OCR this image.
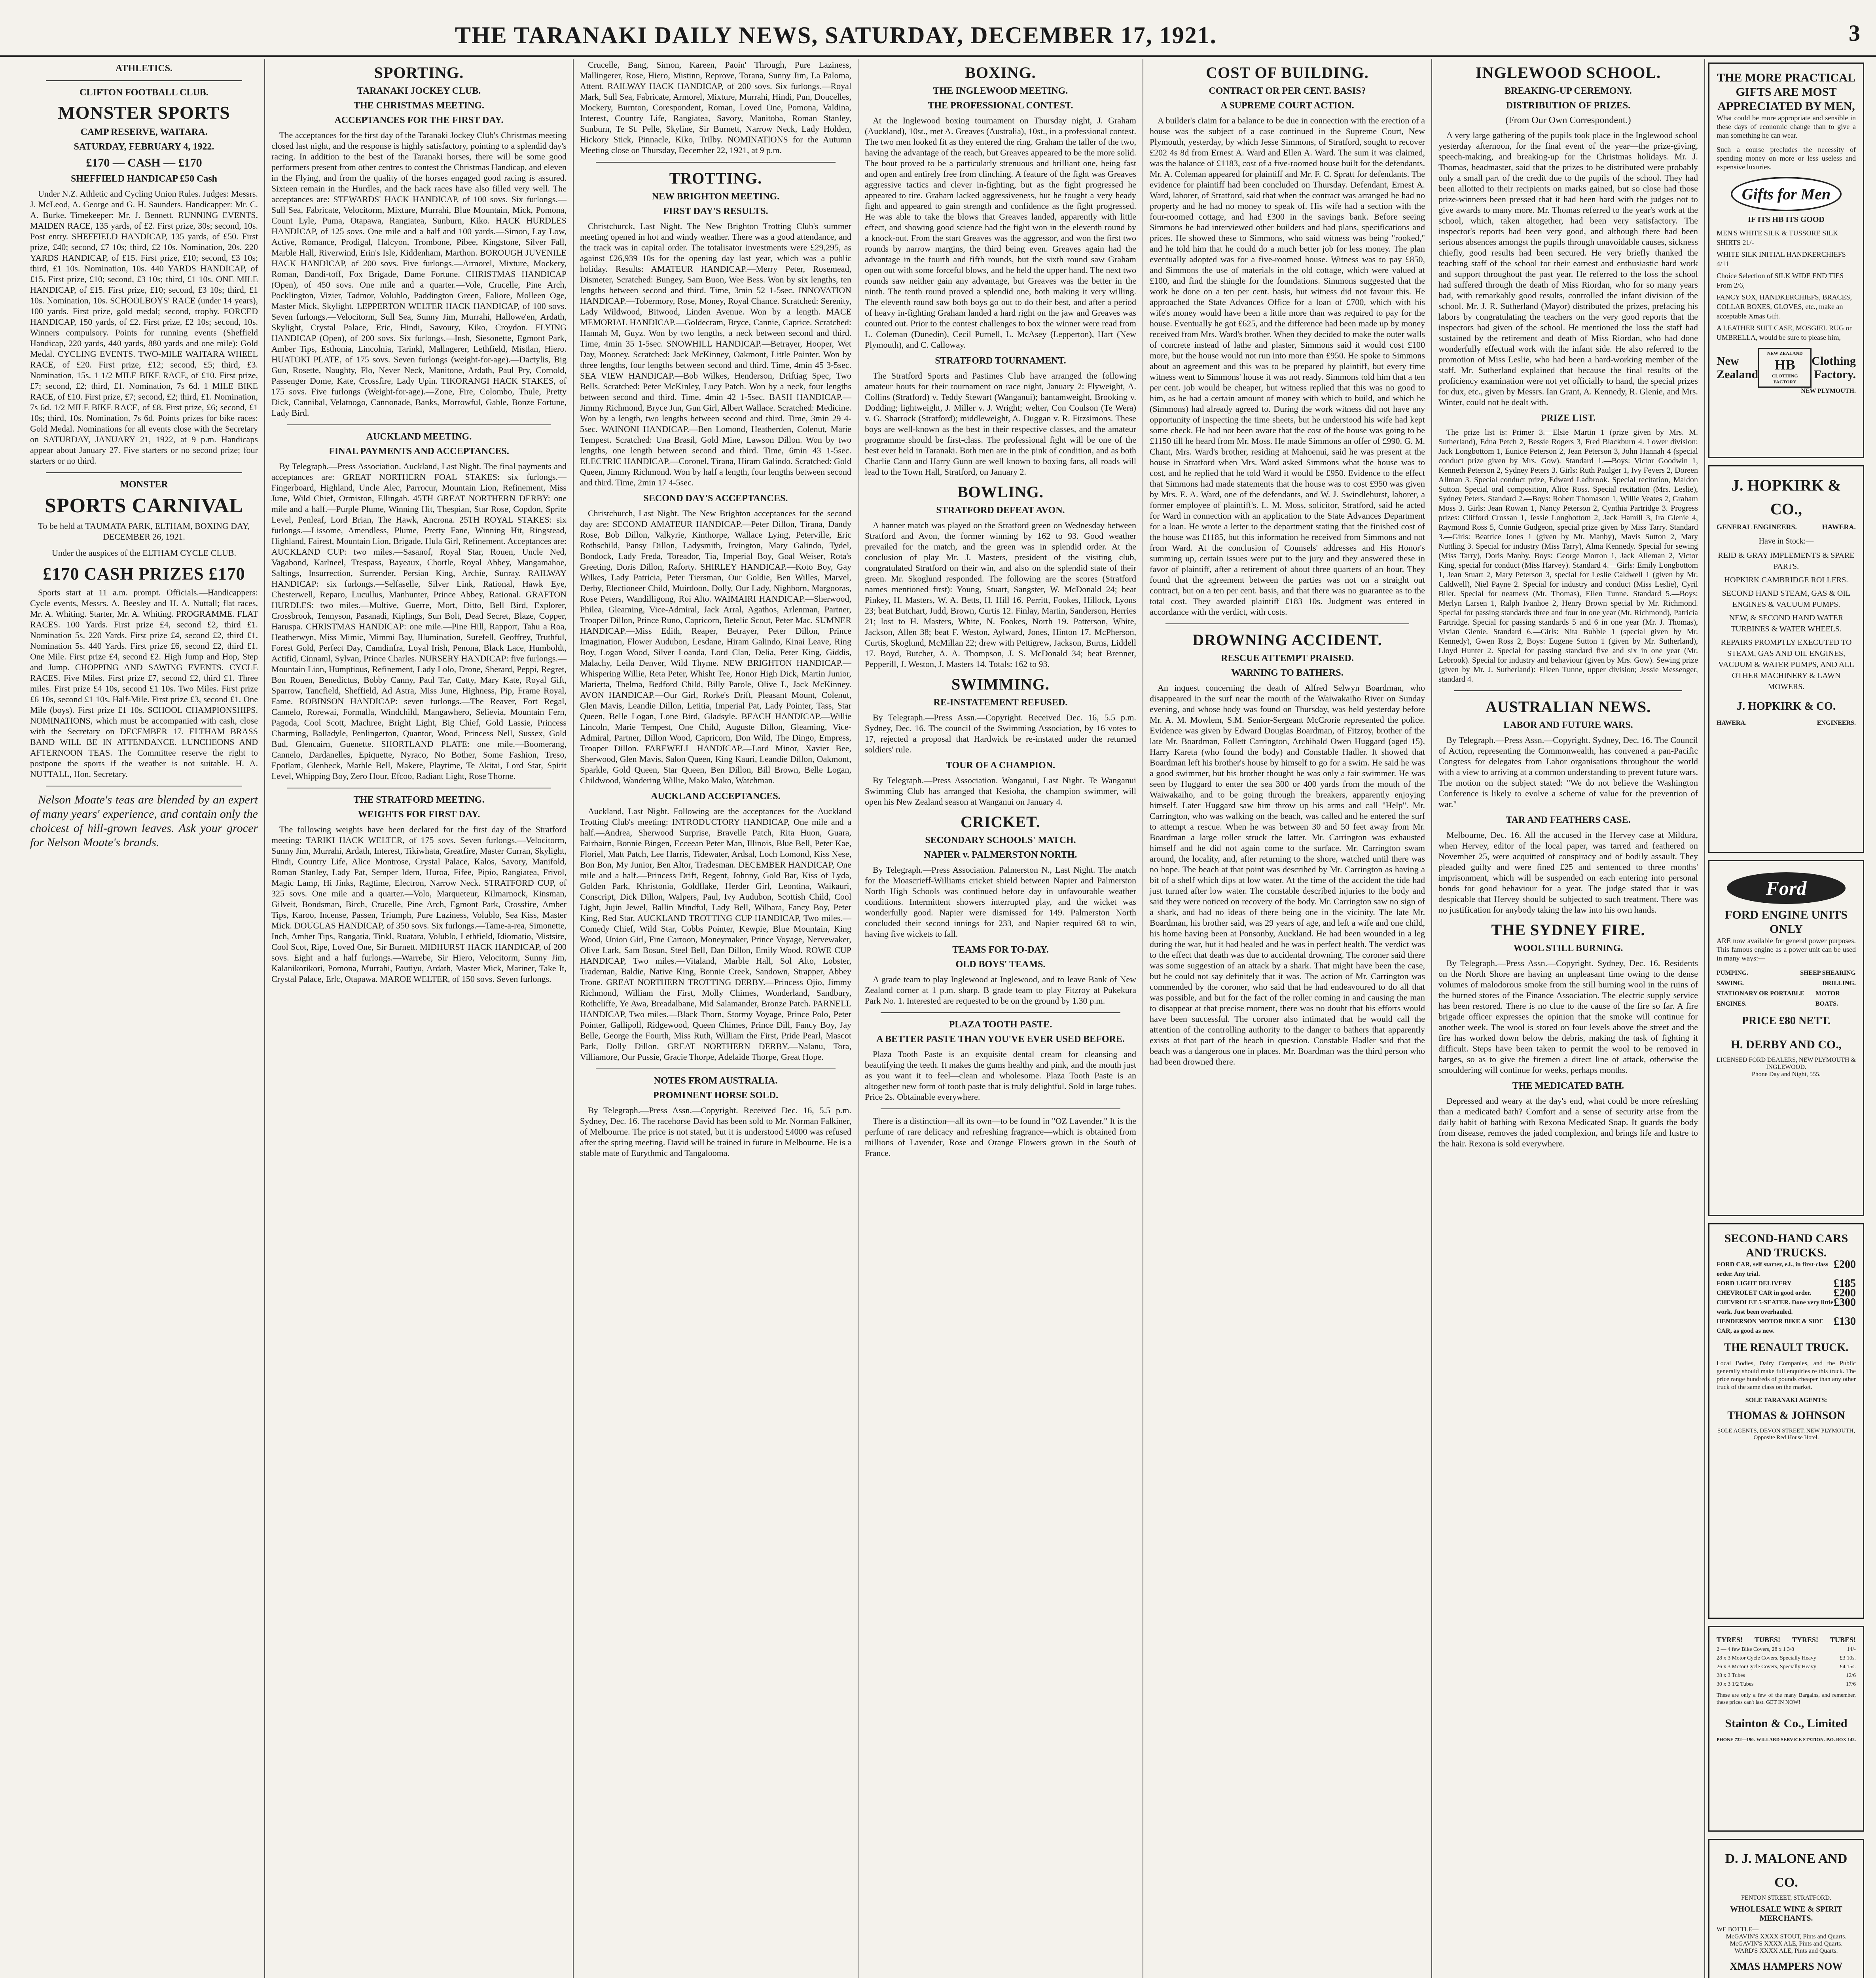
THE TARANAKI DAILY NEWS, SATURDAY, DECEMBER 17, 1921.	3
ATHLETICS.
CLIFTON FOOTBALL CLUB.
MONSTER SPORTS
CAMP RESERVE, WAITARA.
SATURDAY, FEBRUARY 4, 1922.
£170 — CASH — £170
SHEFFIELD HANDICAP £50 Cash

Under N.Z. Athletic and Cycling Union Rules. Judges: Messrs. J. McLeod, A. George and G. H. Saunders. Handicapper: Mr. C. A. Burke. Timekeeper: Mr. J. Bennett. RUNNING EVENTS. MAIDEN RACE, 135 yards, of £2. First prize, 30s; second, 10s. Post entry. SHEFFIELD HANDICAP, 135 yards, of £50. First prize, £40; second, £7 10s; third, £2 10s. Nomination, 20s. 220 YARDS HANDICAP, of £15. First prize, £10; second, £3 10s; third, £1 10s. Nomination, 10s. 440 YARDS HANDICAP, of £15. First prize, £10; second, £3 10s; third, £1 10s. ONE MILE HANDICAP, of £15. First prize, £10; second, £3 10s; third, £1 10s. Nomination, 10s. SCHOOLBOYS' RACE (under 14 years), 100 yards. First prize, gold medal; second, trophy. FORCED HANDICAP, 150 yards, of £2. First prize, £2 10s; second, 10s. Winners compulsory. Points for running events (Sheffield Handicap, 220 yards, 440 yards, 880 yards and one mile): Gold Medal. CYCLING EVENTS. TWO-MILE WAITARA WHEEL RACE, of £20. First prize, £12; second, £5; third, £3. Nomination, 15s. 1 1/2 MILE BIKE RACE, of £10. First prize, £7; second, £2; third, £1. Nomination, 7s 6d. 1 MILE BIKE RACE, of £10. First prize, £7; second, £2; third, £1. Nomination, 7s 6d. 1/2 MILE BIKE RACE, of £8. First prize, £6; second, £1 10s; third, 10s. Nomination, 7s 6d. Points prizes for bike races: Gold Medal. Nominations for all events close with the Secretary on SATURDAY, JANUARY 21, 1922, at 9 p.m. Handicaps appear about January 27. Five starters or no second prize; four starters or no third.

MONSTER
SPORTS CARNIVAL

To be held at TAUMATA PARK, ELTHAM, BOXING DAY, DECEMBER 26, 1921.

Under the auspices of the ELTHAM CYCLE CLUB.

£170 CASH PRIZES £170

Sports start at 11 a.m. prompt. Officials.—Handicappers: Cycle events, Messrs. A. Beesley and H. A. Nuttall; flat races, Mr. A. Whiting. Starter, Mr. A. Whiting. PROGRAMME. FLAT RACES. 100 Yards. First prize £4, second £2, third £1. Nomination 5s. 220 Yards. First prize £4, second £2, third £1. Nomination 5s. 440 Yards. First prize £6, second £2, third £1. One Mile. First prize £4, second £2. High Jump and Hop, Step and Jump. CHOPPING AND SAWING EVENTS. CYCLE RACES. Five Miles. First prize £7, second £2, third £1. Three miles. First prize £4 10s, second £1 10s. Two Miles. First prize £6 10s, second £1 10s. Half-Mile. First prize £3, second £1. One Mile (boys). First prize £1 10s. SCHOOL CHAMPIONSHIPS. NOMINATIONS, which must be accompanied with cash, close with the Secretary on DECEMBER 17. ELTHAM BRASS BAND WILL BE IN ATTENDANCE. LUNCHEONS AND AFTERNOON TEAS. The Committee reserve the right to postpone the sports if the weather is not suitable. H. A. NUTTALL, Hon. Secretary.

Nelson Moate's teas are blended by an expert of many years' experience, and contain only the choicest of hill-grown leaves. Ask your grocer for Nelson Moate's brands.

SPORTING.
TARANAKI JOCKEY CLUB.
THE CHRISTMAS MEETING.
ACCEPTANCES FOR THE FIRST DAY.

The acceptances for the first day of the Taranaki Jockey Club's Christmas meeting closed last night, and the response is highly satisfactory, pointing to a splendid day's racing. In addition to the best of the Taranaki horses, there will be some good performers present from other centres to contest the Christmas Handicap, and eleven in the Flying, and from the quality of the horses engaged good racing is assured. Sixteen remain in the Hurdles, and the hack races have also filled very well. The acceptances are: STEWARDS' HACK HANDICAP, of 100 sovs. Six furlongs.—Sull Sea, Fabricate, Velocitorm, Mixture, Murrahi, Blue Mountain, Mick, Pomona, Count Lyle, Puma, Otapawa, Rangiatea, Sunburn, Kiko. HACK HURDLES HANDICAP, of 125 sovs. One mile and a half and 100 yards.—Simon, Lay Low, Active, Romance, Prodigal, Halcyon, Trombone, Pibee, Kingstone, Silver Fall, Marble Hall, Riverwind, Erin's Isle, Kiddenham, Marthon. BOROUGH JUVENILE HACK HANDICAP, of 200 sovs. Five furlongs.—Armorel, Mixture, Mockery, Roman, Dandi-toff, Fox Brigade, Dame Fortune. CHRISTMAS HANDICAP (Open), of 450 sovs. One mile and a quarter.—Vole, Crucelle, Pine Arch, Pocklington, Vizier, Tadmor, Volublo, Paddington Green, Faliore, Molleen Oge, Master Mick, Skylight. LEPPERTON WELTER HACK HANDICAP, of 100 sovs. Seven furlongs.—Velocitorm, Sull Sea, Sunny Jim, Murrahi, Hallowe'en, Ardath, Skylight, Crystal Palace, Eric, Hindi, Savoury, Kiko, Croydon. FLYING HANDICAP (Open), of 200 sovs. Six furlongs.—Insh, Siesonette, Egmont Park, Amber Tips, Esthonia, Lincolnia, Tarinkl, Mallngerer, Lethfield, Mistlan, Hiero. HUATOKI PLATE, of 175 sovs. Seven furlongs (weight-for-age).—Dactylis, Big Gun, Rosette, Naughty, Flo, Never Neck, Manitone, Ardath, Paul Pry, Cornold, Passenger Dome, Kate, Crossfire, Lady Upin. TIKORANGI HACK STAKES, of 175 sovs. Five furlongs (Weight-for-age).—Zone, Fire, Colombo, Thule, Pretty Dick, Cannibal, Velatnogo, Cannonade, Banks, Morrowful, Gable, Bonze Fortune, Lady Bird.

AUCKLAND MEETING.
FINAL PAYMENTS AND ACCEPTANCES.

By Telegraph.—Press Association. Auckland, Last Night. The final payments and acceptances are: GREAT NORTHERN FOAL STAKES: six furlongs.—Fingerboard, Highland, Uncle Alec, Parrocur, Mountain Lion, Refinement, Miss June, Wild Chief, Ormiston, Ellingah. 45TH GREAT NORTHERN DERBY: one mile and a half.—Purple Plume, Winning Hit, Thespian, Star Rose, Copdon, Sprite Level, Penleaf, Lord Brian, The Hawk, Ancrona. 25TH ROYAL STAKES: six furlongs.—Lissome, Amendless, Plume, Pretty Fane, Winning Hit, Ringstead, Highland, Fairest, Mountain Lion, Brigade, Hula Girl, Refinement. Acceptances are: AUCKLAND CUP: two miles.—Sasanof, Royal Star, Rouen, Uncle Ned, Vagabond, Karlneel, Trespass, Bayeaux, Chortle, Royal Abbey, Mangamahoe, Saltings, Insurrection, Surrender, Persian King, Archie, Sunray. RAILWAY HANDICAP: six furlongs.—Selfaselle, Silver Link, Rational, Hawk Eye, Chesterwell, Reparo, Lucullus, Manhunter, Prince Abbey, Rational. GRAFTON HURDLES: two miles.—Multive, Guerre, Mort, Ditto, Bell Bird, Explorer, Crossbrook, Tennyson, Pasanadi, Kiplings, Sun Bolt, Dead Secret, Blaze, Copper, Haruspa. CHRISTMAS HANDICAP: one mile.—Pine Hill, Rapport, Tahu a Roa, Heatherwyn, Miss Mimic, Mimmi Bay, Illumination, Surefell, Geoffrey, Truthful, Forest Gold, Perfect Day, Camdinfra, Loyal Irish, Penona, Black Lace, Humboldt, Actifid, Cinnaml, Sylvan, Prince Charles. NURSERY HANDICAP: five furlongs.—Mountain Lion, Humptious, Refinement, Lady Lolo, Drone, Sherard, Peppi, Regret, Bon Rouen, Benedictus, Bobby Canny, Paul Tar, Catty, Mary Kate, Royal Gift, Sparrow, Tancfield, Sheffield, Ad Astra, Miss June, Highness, Pip, Frame Royal, Fame. ROBINSON HANDICAP: seven furlongs.—The Reaver, Fort Regal, Cannelo, Rorewai, Formalla, Windchild, Mangawhero, Selievia, Mountain Fern, Pagoda, Cool Scott, Machree, Bright Light, Big Chief, Gold Lassie, Princess Charming, Balladyle, Penlingerton, Quantor, Wood, Princess Nell, Sussex, Gold Bud, Glencairn, Guenette. SHORTLAND PLATE: one mile.—Boomerang, Cannelo, Dardanelles, Epiquette, Nyraco, No Bother, Some Fashion, Treso, Epotlam, Glenbeck, Marble Bell, Makere, Playtime, Te Akitai, Lord Star, Spirit Level, Whipping Boy, Zero Hour, Efcoo, Radiant Light, Rose Thorne.

THE STRATFORD MEETING.
WEIGHTS FOR FIRST DAY.

The following weights have been declared for the first day of the Stratford meeting: TARIKI HACK WELTER, of 175 sovs. Seven furlongs.—Velocitorm, Sunny Jim, Murrahi, Ardath, Interest, Tikiwhata, Greatfire, Master Curran, Skylight, Hindi, Country Life, Alice Montrose, Crystal Palace, Kalos, Savory, Manifold, Roman Stanley, Lady Pat, Semper Idem, Huroa, Fifee, Pipio, Rangiatea, Frivol, Magic Lamp, Hi Jinks, Ragtime, Electron, Narrow Neck. STRATFORD CUP, of 325 sovs. One mile and a quarter.—Volo, Marqueteur, Kilmarnock, Kinsman, Gilveit, Bondsman, Birch, Crucelle, Pine Arch, Egmont Park, Crossfire, Amber Tips, Karoo, Incense, Passen, Triumph, Pure Laziness, Volublo, Sea Kiss, Master Mick. DOUGLAS HANDICAP, of 350 sovs. Six furlongs.—Tame-a-rea, Simonette, Inch, Amber Tips, Rangatia, Tinkl, Ruatara, Volublo, Lethfield, Idiomatio, Mistsire, Cool Scot, Ripe, Loved One, Sir Burnett. MIDHURST HACK HANDICAP, of 200 sovs. Eight and a half furlongs.—Warrebe, Sir Hiero, Velocitorm, Sunny Jim, Kalanikorikori, Pomona, Murrahi, Pautiyu, Ardath, Master Mick, Mariner, Take It, Crystal Palace, Erlc, Otapawa. MAROE WELTER, of 150 sovs. Seven furlongs.

Crucelle, Bang, Simon, Kareen, Paoin' Through, Pure Laziness, Mallingerer, Rose, Hiero, Mistinn, Reprove, Torana, Sunny Jim, La Paloma, Attent. RAILWAY HACK HANDICAP, of 200 sovs. Six furlongs.—Royal Mark, Sull Sea, Fabricate, Armorel, Mixture, Murrahi, Hindi, Pun, Doucelles, Mockery, Burnton, Corespondent, Roman, Loved One, Pomona, Valdina, Interest, Country Life, Rangiatea, Savory, Manitoba, Roman Stanley, Sunburn, Te St. Pelle, Skyline, Sir Burnett, Narrow Neck, Lady Holden, Hickory Stick, Pinnacle, Kiko, Trilby. NOMINATIONS for the Autumn Meeting close on Thursday, December 22, 1921, at 9 p.m.

TROTTING.
NEW BRIGHTON MEETING.
FIRST DAY'S RESULTS.

Christchurck, Last Night. The New Brighton Trotting Club's summer meeting opened in hot and windy weather. There was a good attendance, and the track was in capital order. The totalisator investments were £29,295, as against £26,939 10s for the opening day last year, which was a public holiday. Results: AMATEUR HANDICAP.—Merry Peter, Rosemead, Dismeter, Scratched: Bungey, Sam Buon, Wee Bess. Won by six lengths, ten lengths between second and third. Time, 3min 52 1-5sec. INNOVATION HANDICAP.—Tobermory, Rose, Money, Royal Chance. Scratched: Serenity, Lady Wildwood, Bitwood, Linden Avenue. Won by a length. MACE MEMORIAL HANDICAP.—Goldecram, Bryce, Cannie, Caprice. Scratched: Hannah M, Guyz. Won by two lengths, a neck between second and third. Time, 4min 35 1-5sec. SNOWHILL HANDICAP.—Betrayer, Hooper, Wet Day, Mooney. Scratched: Jack McKinney, Oakmont, Little Pointer. Won by three lengths, four lengths between second and third. Time, 4min 45 3-5sec. SEA VIEW HANDICAP.—Bob Wilkes, Henderson, Driftiag Spec, Two Bells. Scratched: Peter McKinley, Lucy Patch. Won by a neck, four lengths between second and third. Time, 4min 42 1-5sec. BASH HANDICAP.—Jimmy Richmond, Bryce Jun, Gun Girl, Albert Wallace. Scratched: Medicine. Won by a length, two lengths between second and third. Time, 3min 29 4-5sec. WAINONI HANDICAP.—Ben Lomond, Heatherden, Colenut, Marie Tempest. Scratched: Una Brasil, Gold Mine, Lawson Dillon. Won by two lengths, one length between second and third. Time, 6min 43 1-5sec. ELECTRIC HANDICAP.—Coronel, Tirana, Hiram Galindo. Scratched: Gold Queen, Jimmy Richmond. Won by half a length, four lengths between second and third. Time, 2min 17 4-5sec.

SECOND DAY'S ACCEPTANCES.

Christchurch, Last Night. The New Brighton acceptances for the second day are: SECOND AMATEUR HANDICAP.—Peter Dillon, Tirana, Dandy Rose, Bob Dillon, Valkyrie, Kinthorpe, Wallace Lying, Peterville, Eric Rothschild, Pansy Dillon, Ladysmith, Irvington, Mary Galindo, Tydel, Bondock, Lady Freda, Toreador, Tia, Imperial Boy, Goal Weiser, Rota's Greeting, Doris Dillon, Raforty. SHIRLEY HANDICAP.—Koto Boy, Gay Wilkes, Lady Patricia, Peter Tiersman, Our Goldie, Ben Willes, Marvel, Derby, Electioneer Child, Muirdoon, Dolly, Our Lady, Nighborn, Margooras, Rose Peters, Wandilligong, Roi Alto. WAIMAIRI HANDICAP.—Sherwood, Philea, Gleaming, Vice-Admiral, Jack Arral, Agathos, Arlenman, Partner, Trooper Dillon, Prince Runo, Capricorn, Betelic Scout, Peter Mac. SUMNER HANDICAP.—Miss Edith, Reaper, Betrayer, Peter Dillon, Prince Imagination, Flower Audubon, Lesdane, Hiram Galindo, Kinai Leave, Ring Boy, Logan Wood, Silver Loanda, Lord Clan, Delia, Peter King, Giddis, Malachy, Leila Denver, Wild Thyme. NEW BRIGHTON HANDICAP.—Whispering Willie, Reta Peter, Whisht Tee, Honor High Dick, Martin Junior, Marietta, Thelma, Bedford Child, Billy Parole, Olive L, Jack McKinney. AVON HANDICAP.—Our Girl, Rorke's Drift, Pleasant Mount, Colenut, Glen Mavis, Leandie Dillon, Letitia, Imperial Pat, Lady Pointer, Tass, Star Queen, Belle Logan, Lone Bird, Gladsyle. BEACH HANDICAP.—Willie Lincoln, Marie Tempest, One Child, Auguste Dillon, Gleaming, Vice-Admiral, Partner, Dillon Wood, Capricorn, Don Wild, The Dingo, Empress, Trooper Dillon. FAREWELL HANDICAP.—Lord Minor, Xavier Bee, Sherwood, Glen Mavis, Salon Queen, King Kauri, Leandie Dillon, Oakmont, Sparkle, Gold Queen, Star Queen, Ben Dillon, Bill Brown, Belle Logan, Childwood, Wandering Willie, Mako Mako, Watchman.

AUCKLAND ACCEPTANCES.

Auckland, Last Night. Following are the acceptances for the Auckland Trotting Club's meeting: INTRODUCTORY HANDICAP, One mile and a half.—Andrea, Sherwood Surprise, Bravelle Patch, Rita Huon, Guara, Fairbairn, Bonnie Bingen, Ecceean Peter Man, Illinois, Blue Bell, Peter Kae, Floriel, Matt Patch, Lee Harris, Tidewater, Ardsal, Loch Lomond, Kiss Nese, Bon Bon, My Junior, Ben Altor, Tradesman. DECEMBER HANDICAP, One mile and a half.—Princess Drift, Regent, Johnny, Gold Bar, Kiss of Lyda, Golden Park, Khristonia, Goldflake, Herder Girl, Leontina, Waikauri, Conscript, Dick Dillon, Walpers, Paul, Ivy Audubon, Scottish Child, Cool Light, Jujin Jewel, Ballin Mindful, Lady Bell, Wilbara, Fancy Boy, Peter King, Red Star. AUCKLAND TROTTING CUP HANDICAP, Two miles.—Comedy Chief, Wild Star, Cobbs Pointer, Kewpie, Blue Mountain, King Wood, Union Girl, Fine Cartoon, Moneymaker, Prince Voyage, Nervewaker, Olive Lark, Sam Bosun, Steel Bell, Dan Dillon, Emily Wood. ROWE CUP HANDICAP, Two miles.—Vitaland, Marble Hall, Sol Alto, Lobster, Trademan, Baldie, Native King, Bonnie Creek, Sandown, Strapper, Abbey Trone. GREAT NORTHERN TROTTING DERBY.—Princess Ojio, Jimmy Richmond, William the First, Molly Chimes, Wonderland, Sandbury, Rothcliffe, Ye Awa, Breadalbane, Mid Salamander, Bronze Patch. PARNELL HANDICAP, Two miles.—Black Thorn, Stormy Voyage, Prince Polo, Peter Pointer, Gallipoll, Ridgewood, Queen Chimes, Prince Dill, Fancy Boy, Jay Belle, George the Fourth, Miss Ruth, William the First, Pride Pearl, Mascot Park, Dolly Dillon. GREAT NORTHERN DERBY.—Nalanu, Tora, Villiamore, Our Pussie, Gracie Thorpe, Adelaide Thorpe, Great Hope.

NOTES FROM AUSTRALIA.
PROMINENT HORSE SOLD.

By Telegraph.—Press Assn.—Copyright. Received Dec. 16, 5.5 p.m. Sydney, Dec. 16. The racehorse David has been sold to Mr. Norman Falkiner, of Melbourne. The price is not stated, but it is understood £4000 was refused after the spring meeting. David will be trained in future in Melbourne. He is a stable mate of Eurythmic and Tangalooma.

BOXING.
THE INGLEWOOD MEETING.
THE PROFESSIONAL CONTEST.

At the Inglewood boxing tournament on Thursday night, J. Graham (Auckland), 10st., met A. Greaves (Australia), 10st., in a professional contest. The two men looked fit as they entered the ring. Graham the taller of the two, having the advantage of the reach, but Greaves appeared to be the more solid. The bout proved to be a particularly strenuous and brilliant one, being fast and open and entirely free from clinching. A feature of the fight was Greaves aggressive tactics and clever in-fighting, but as the fight progressed he appeared to tire. Graham lacked aggressiveness, but he fought a very heady fight and appeared to gain strength and confidence as the fight progressed. He was able to take the blows that Greaves landed, apparently with little effect, and showing good science had the fight won in the eleventh round by a knock-out. From the start Greaves was the aggressor, and won the first two rounds by narrow margins, the third being even. Greaves again had the advantage in the fourth and fifth rounds, but the sixth round saw Graham open out with some forceful blows, and he held the upper hand. The next two rounds saw neither gain any advantage, but Greaves was the better in the ninth. The tenth round proved a splendid one, both making it very willing. The eleventh round saw both boys go out to do their best, and after a period of heavy in-fighting Graham landed a hard right on the jaw and Greaves was counted out. Prior to the contest challenges to box the winner were read from L. Coleman (Dunedin), Cecil Purnell, L. McAsey (Lepperton), Hart (New Plymouth), and C. Calloway.

STRATFORD TOURNAMENT.

The Stratford Sports and Pastimes Club have arranged the following amateur bouts for their tournament on race night, January 2: Flyweight, A. Collins (Stratford) v. Teddy Stewart (Wanganui); bantamweight, Brooking v. Dodding; lightweight, J. Miller v. J. Wright; welter, Con Coulson (Te Wera) v. G. Sharrock (Stratford); middleweight, A. Duggan v. R. Fitzsimons. These boys are well-known as the best in their respective classes, and the amateur programme should be first-class. The professional fight will be one of the best ever held in Taranaki. Both men are in the pink of condition, and as both Charlie Cann and Harry Gunn are well known to boxing fans, all roads will lead to the Town Hall, Stratford, on January 2.

BOWLING.
STRATFORD DEFEAT AVON.

A banner match was played on the Stratford green on Wednesday between Stratford and Avon, the former winning by 162 to 93. Good weather prevailed for the match, and the green was in splendid order. At the conclusion of play Mr. J. Masters, president of the visiting club, congratulated Stratford on their win, and also on the splendid state of their green. Mr. Skoglund responded. The following are the scores (Stratford names mentioned first): Young, Stuart, Sangster, W. McDonald 24; beat Pinkey, H. Masters, W. A. Betts, H. Hill 16. Perritt, Fookes, Hillock, Lyons 23; beat Butchart, Judd, Brown, Curtis 12. Finlay, Martin, Sanderson, Herries 21; lost to H. Masters, White, N. Fookes, North 19. Patterson, White, Jackson, Allen 38; beat F. Weston, Aylward, Jones, Hinton 17. McPherson, Curtis, Skoglund, McMillan 22; drew with Pettigrew, Jackson, Burns, Liddell 17. Boyd, Butcher, A. A. Thompson, J. S. McDonald 34; beat Brenner, Pepperill, J. Weston, J. Masters 14. Totals: 162 to 93.

SWIMMING.
RE-INSTATEMENT REFUSED.

By Telegraph.—Press Assn.—Copyright. Received Dec. 16, 5.5 p.m. Sydney, Dec. 16. The council of the Swimming Association, by 16 votes to 17, rejected a proposal that Hardwick be re-instated under the returned soldiers' rule.

TOUR OF A CHAMPION.

By Telegraph.—Press Association. Wanganui, Last Night. Te Wanganui Swimming Club has arranged that Kesioha, the champion swimmer, will open his New Zealand season at Wanganui on January 4.

CRICKET.
SECONDARY SCHOOLS' MATCH.
NAPIER v. PALMERSTON NORTH.

By Telegraph.—Press Association. Palmerston N., Last Night. The match for the Moascrieff-Williams cricket shield between Napier and Palmerston North High Schools was continued before day in unfavourable weather conditions. Intermittent showers interrupted play, and the wicket was wonderfully good. Napier were dismissed for 149. Palmerston North concluded their second innings for 233, and Napier required 68 to win, having five wickets to fall.

TEAMS FOR TO-DAY.
OLD BOYS' TEAMS.

A grade team to play Inglewood at Inglewood, and to leave Bank of New Zealand corner at 1 p.m. sharp. B grade team to play Fitzroy at Pukekura Park No. 1. Interested are requested to be on the ground by 1.30 p.m.

PLAZA TOOTH PASTE.
A BETTER PASTE THAN YOU'VE EVER USED BEFORE.

Plaza Tooth Paste is an exquisite dental cream for cleansing and beautifying the teeth. It makes the gums healthy and pink, and the mouth just as you want it to feel—clean and wholesome. Plaza Tooth Paste is an altogether new form of tooth paste that is truly delightful. Sold in large tubes. Price 2s. Obtainable everywhere.

There is a distinction—all its own—to be found in "OZ Lavender." It is the perfume of rare delicacy and refreshing fragrance—which is obtained from millions of Lavender, Rose and Orange Flowers grown in the South of France.

COST OF BUILDING.
CONTRACT OR PER CENT. BASIS?
A SUPREME COURT ACTION.

A builder's claim for a balance to be due in connection with the erection of a house was the subject of a case continued in the Supreme Court, New Plymouth, yesterday, by which Jesse Simmons, of Stratford, sought to recover £202 4s 8d from Ernest A. Ward and Ellen A. Ward. The sum it was claimed, was the balance of £1183, cost of a five-roomed house built for the defendants. Mr. A. Coleman appeared for plaintiff and Mr. F. C. Spratt for defendants. The evidence for plaintiff had been concluded on Thursday. Defendant, Ernest A. Ward, laborer, of Stratford, said that when the contract was arranged he had no property and he had no money to speak of. His wife had a section with the four-roomed cottage, and had £300 in the savings bank. Before seeing Simmons he had interviewed other builders and had plans, specifications and prices. He showed these to Simmons, who said witness was being "rooked," and he told him that he could do a much better job for less money. The plan eventually adopted was for a five-roomed house. Witness was to pay £850, and Simmons the use of materials in the old cottage, which were valued at £100, and find the shingle for the foundations. Simmons suggested that the work be done on a ten per cent. basis, but witness did not favour this. He approached the State Advances Office for a loan of £700, which with his wife's money would have been a little more than was required to pay for the house. Eventually he got £625, and the difference had been made up by money received from Mrs. Ward's brother. When they decided to make the outer walls of concrete instead of lathe and plaster, Simmons said it would cost £100 more, but the house would not run into more than £950. He spoke to Simmons about an agreement and this was to be prepared by plaintiff, but every time witness went to Simmons' house it was not ready. Simmons told him that a ten per cent. job would be cheaper, but witness replied that this was no good to him, as he had a certain amount of money with which to build, and which he (Simmons) had already agreed to. During the work witness did not have any opportunity of inspecting the time sheets, but he understood his wife had kept some check. He had not been aware that the cost of the house was going to be £1150 till he heard from Mr. Moss. He made Simmons an offer of £990. G. M. Chant, Mrs. Ward's brother, residing at Mahoenui, said he was present at the house in Stratford when Mrs. Ward asked Simmons what the house was to cost, and he replied that he told Ward it would be £950. Evidence to the effect that Simmons had made statements that the house was to cost £950 was given by Mrs. E. A. Ward, one of the defendants, and W. J. Swindlehurst, laborer, a former employee of plaintiff's. L. M. Moss, solicitor, Stratford, said he acted for Ward in connection with an application to the State Advances Department for a loan. He wrote a letter to the department stating that the finished cost of the house was £1185, but this information he received from Simmons and not from Ward. At the conclusion of Counsels' addresses and His Honor's summing up, certain issues were put to the jury and they answered these in favor of plaintiff, after a retirement of about three quarters of an hour. They found that the agreement between the parties was not on a straight out contract, but on a ten per cent. basis, and that there was no guarantee as to the total cost. They awarded plaintiff £183 10s. Judgment was entered in accordance with the verdict, with costs.

DROWNING ACCIDENT.
RESCUE ATTEMPT PRAISED.
WARNING TO BATHERS.

An inquest concerning the death of Alfred Selwyn Boardman, who disappeared in the surf near the mouth of the Waiwakaiho River on Sunday evening, and whose body was found on Thursday, was held yesterday before Mr. A. M. Mowlem, S.M. Senior-Sergeant McCrorie represented the police. Evidence was given by Edward Douglas Boardman, of Fitzroy, brother of the late Mr. Boardman, Follett Carrington, Archibald Owen Huggard (aged 15), Harry Kareta (who found the body) and Constable Hadler. It showed that Boardman left his brother's house by himself to go for a swim. He said he was a good swimmer, but his brother thought he was only a fair swimmer. He was seen by Huggard to enter the sea 300 or 400 yards from the mouth of the Waiwakaiho, and to be going through the breakers, apparently enjoying himself. Later Huggard saw him throw up his arms and call "Help". Mr. Carrington, who was walking on the beach, was called and he entered the surf to attempt a rescue. When he was between 30 and 50 feet away from Mr. Boardman a large roller struck the latter. Mr. Carrington was exhausted himself and he did not again come to the surface. Mr. Carrington swam around, the locality, and, after returning to the shore, watched until there was no hope. The beach at that point was described by Mr. Carrington as having a bit of a shelf which dips at low water. At the time of the accident the tide had just turned after low water. The constable described injuries to the body and said they were noticed on recovery of the body. Mr. Carrington saw no sign of a shark, and had no ideas of there being one in the vicinity. The late Mr. Boardman, his brother said, was 29 years of age, and left a wife and one child, his home having been at Ponsonby, Auckland. He had been wounded in a leg during the war, but it had healed and he was in perfect health. The verdict was to the effect that death was due to accidental drowning. The coroner said there was some suggestion of an attack by a shark. That might have been the case, but he could not say definitely that it was. The action of Mr. Carrington was commended by the coroner, who said that he had endeavoured to do all that was possible, and but for the fact of the roller coming in and causing the man to disappear at that precise moment, there was no doubt that his efforts would have been successful. The coroner also intimated that he would call the attention of the controlling authority to the danger to bathers that apparently exists at that part of the beach in question. Constable Hadler said that the beach was a dangerous one in places. Mr. Boardman was the third person who had been drowned there.

INGLEWOOD SCHOOL.
BREAKING-UP CEREMONY.
DISTRIBUTION OF PRIZES.
(From Our Own Correspondent.)

A very large gathering of the pupils took place in the Inglewood school yesterday afternoon, for the final event of the year—the prize-giving, speech-making, and breaking-up for the Christmas holidays. Mr. J. Thomas, headmaster, said that the prizes to be distributed were probably only a small part of the credit due to the pupils of the school. They had been allotted to their recipients on marks gained, but so close had those prize-winners been pressed that it had been hard with the judges not to give awards to many more. Mr. Thomas referred to the year's work at the school, which, taken altogether, had been very satisfactory. The inspector's reports had been very good, and although there had been serious absences amongst the pupils through unavoidable causes, sickness chiefly, good results had been secured. He very briefly thanked the teaching staff of the school for their earnest and enthusiastic hard work and support throughout the past year. He referred to the loss the school had suffered through the death of Miss Riordan, who for so many years had, with remarkably good results, controlled the infant division of the school. Mr. J. R. Sutherland (Mayor) distributed the prizes, prefacing his labors by congratulating the teachers on the very good reports that the inspectors had given of the school. He mentioned the loss the staff had sustained by the retirement and death of Miss Riordan, who had done wonderfully effectual work with the infant side. He also referred to the promotion of Miss Leslie, who had been a hard-working member of the staff. Mr. Sutherland explained that because the final results of the proficiency examination were not yet officially to hand, the special prizes for dux, etc., given by Messrs. Ian Grant, A. Kennedy, R. Glenie, and Mrs. Winter, could not be dealt with.

PRIZE LIST.

The prize list is: Primer 3.—Elsie Martin 1 (prize given by Mrs. M. Sutherland), Edna Petch 2, Bessie Rogers 3, Fred Blackburn 4. Lower division: Jack Longbottom 1, Eunice Peterson 2, Jean Peterson 3, John Hannah 4 (special conduct prize given by Mrs. Gow). Standard 1.—Boys: Victor Goodwin 1, Kenneth Peterson 2, Sydney Peters 3. Girls: Ruth Paulger 1, Ivy Fevers 2, Doreen Allman 3. Special conduct prize, Edward Ladbrook. Special recitation, Maldon Sutton. Special oral composition, Alice Ross. Special recitation (Mrs. Leslie), Sydney Peters. Standard 2.—Boys: Robert Thomason 1, Willie Veates 2, Graham Moss 3. Girls: Jean Rowan 1, Nancy Peterson 2, Cynthia Partridge 3. Progress prizes: Clifford Crossan 1, Jessie Longbottom 2, Jack Hamill 3, Ira Glenie 4, Raymond Ross 5, Connie Gudgeon, special prize given by Miss Tarry. Standard 3.—Girls: Beatrice Jones 1 (given by Mr. Manby), Mavis Sutton 2, Mary Nuttling 3. Special for industry (Miss Tarry), Alma Kennedy. Special for sewing (Miss Tarry), Doris Manby. Boys: George Morton 1, Jack Alleman 2, Victor King, special for conduct (Miss Harvey). Standard 4.—Girls: Emily Longbottom 1, Jean Stuart 2, Mary Peterson 3, special for Leslie Caldwell 1 (given by Mr. Caldwell), Niel Payne 2. Special for industry and conduct (Miss Leslie), Cyril Biler. Special for neatness (Mr. Thomas), Eilen Tunne. Standard 5.—Boys: Merlyn Larsen 1, Ralph Ivanhoe 2, Henry Brown special by Mr. Richmond. Special for passing standards three and four in one year (Mr. Richmond), Patricia Partridge. Special for passing standards 5 and 6 in one year (Mr. J. Thomas), Vivian Glenie. Standard 6.—Girls: Nita Bubble 1 (special given by Mr. Kennedy), Gwen Ross 2, Boys: Eugene Sutton 1 (given by Mr. Sutherland), Lloyd Hunter 2. Special for passing standard five and six in one year (Mr. Lebrook). Special for industry and behaviour (given by Mrs. Gow). Sewing prize (given by Mr. J. Sutherland): Eileen Tunne, upper division; Jessie Messenger, standard 4.

AUSTRALIAN NEWS.
LABOR AND FUTURE WARS.

By Telegraph.—Press Assn.—Copyright. Sydney, Dec. 16. The Council of Action, representing the Commonwealth, has convened a pan-Pacific Congress for delegates from Labor organisations throughout the world with a view to arriving at a common understanding to prevent future wars. The motion on the subject stated: "We do not believe the Washington Conference is likely to evolve a scheme of value for the prevention of war."

TAR AND FEATHERS CASE.

Melbourne, Dec. 16. All the accused in the Hervey case at Mildura, when Hervey, editor of the local paper, was tarred and feathered on November 25, were acquitted of conspiracy and of bodily assault. They pleaded guilty and were fined £25 and sentenced to three months' imprisonment, which will be suspended on each entering into personal bonds for good behaviour for a year. The judge stated that it was despicable that Hervey should be subjected to such treatment. There was no justification for anybody taking the law into his own hands.

THE SYDNEY FIRE.
WOOL STILL BURNING.

By Telegraph.—Press Assn.—Copyright. Sydney, Dec. 16. Residents on the North Shore are having an unpleasant time owing to the dense volumes of malodorous smoke from the still burning wool in the ruins of the burned stores of the Finance Association. The electric supply service has been restored. There is no clue to the cause of the fire so far. A fire brigade officer expresses the opinion that the smoke will continue for another week. The wool is stored on four levels above the street and the fire has worked down below the debris, making the task of fighting it difficult. Steps have been taken to permit the wool to be removed in barges, so as to give the firemen a direct line of attack, otherwise the smouldering will continue for weeks, perhaps months.

THE MEDICATED BATH.

Depressed and weary at the day's end, what could be more refreshing than a medicated bath? Comfort and a sense of security arise from the daily habit of bathing with Rexona Medicated Soap. It guards the body from disease, removes the jaded complexion, and brings life and lustre to the hair. Rexona is sold everywhere.

THE MORE PRACTICAL GIFTS ARE MOST APPRECIATED BY MEN,

What could be more appropriate and sensible in these days of economic change than to give a man something he can wear.

Such a course precludes the necessity of spending money on more or less useless and expensive luxuries.

Gifts for Men
IF ITS HB ITS GOOD
MEN'S WHITE SILK & TUSSORE SILK SHIRTS 21/-
WHITE SILK INITIAL HANDKERCHIEFS 4/11
Choice Selection of SILK WIDE END TIES From 2/6,
FANCY SOX, HANDKERCHIEFS, BRACES, COLLAR BOXES, GLOVES, etc., make an acceptable Xmas Gift.
A LEATHER SUIT CASE, MOSGIEL RUG or UMBRELLA, would be sure to please him,
New
Zealand
NEW ZEALAND
HB
CLOTHING FACTORY
Clothing
Factory.
NEW PLYMOUTH.
J. HOPKIRK & CO.,
GENERAL ENGINEERS.	HAWERA.
Have in Stock:—
REID & GRAY IMPLEMENTS & SPARE PARTS.
HOPKIRK CAMBRIDGE ROLLERS.
SECOND HAND STEAM, GAS & OIL ENGINES & VACUUM PUMPS.
NEW, & SECOND HAND WATER TURBINES & WATER WHEELS.
REPAIRS PROMPTLY EXECUTED TO STEAM, GAS AND OIL ENGINES, VACUUM & WATER PUMPS, AND ALL OTHER MACHINERY & LAWN MOWERS.
J. HOPKIRK & CO.
HAWERA.	ENGINEERS.
Ford
FORD ENGINE UNITS ONLY

ARE now available for general power purposes. This famous engine as a power unit can be used in many ways:—

PUMPING.	SHEEP SHEARING
SAWING.	DRILLING.
STATIONARY OR PORTABLE ENGINES.
MOTOR BOATS.
PRICE £80 NETT.
H. DERBY AND CO.,
LICENSED FORD DEALERS, NEW PLYMOUTH & INGLEWOOD.
Phone Day and Night, 555.
SECOND-HAND CARS AND TRUCKS.
FORD CAR, self starter, e.l., in first-class order. Any trial.
£200
FORD LIGHT DELIVERY	£185
CHEVROLET CAR in good order. £200
CHEVROLET 5-SEATER. Done very little work. Just been overhauled.
£300
HENDERSON MOTOR BIKE & SIDE CAR, as good as new.
£130
THE RENAULT TRUCK.

Local Bodies, Dairy Companies, and the Public generally should make full enquiries re this truck. The price range hundreds of pounds cheaper than any other truck of the same class on the market.

SOLE TARANAKI AGENTS:
THOMAS & JOHNSON
SOLE AGENTS, DEVON STREET, NEW PLYMOUTH,
Opposite Red House Hotel.
TYRES! TUBES! TYRES! TUBES!
2 — 4 few Bike Covers, 28 x 1 3/8	14/-
28 x 3 Motor Cycle Covers, Specially Heavy	£3 10s.
26 x 3 Motor Cycle Covers, Specially Heavy	£4 15s.
28 x 3 Tubes	12/6
30 x 3 1/2 Tubes	17/6

These are only a few of the many Bargains, and remember, these prices can't last. GET IN NOW!

Stainton & Co., Limited
PHONE 732—190. WILLARD SERVICE STATION. P.O. BOX 142.
D. J. MALONE AND CO.
FENTON STREET, STRATFORD.
WHOLESALE WINE & SPIRIT MERCHANTS.
WE BOTTLE—
McGAVIN'S XXXX STOUT, Pints and Quarts.
McGAVIN'S XXXX ALE, Pints and Quarts.
WARD'S XXXX ALE, Pints and Quarts.
XMAS HAMPERS NOW
